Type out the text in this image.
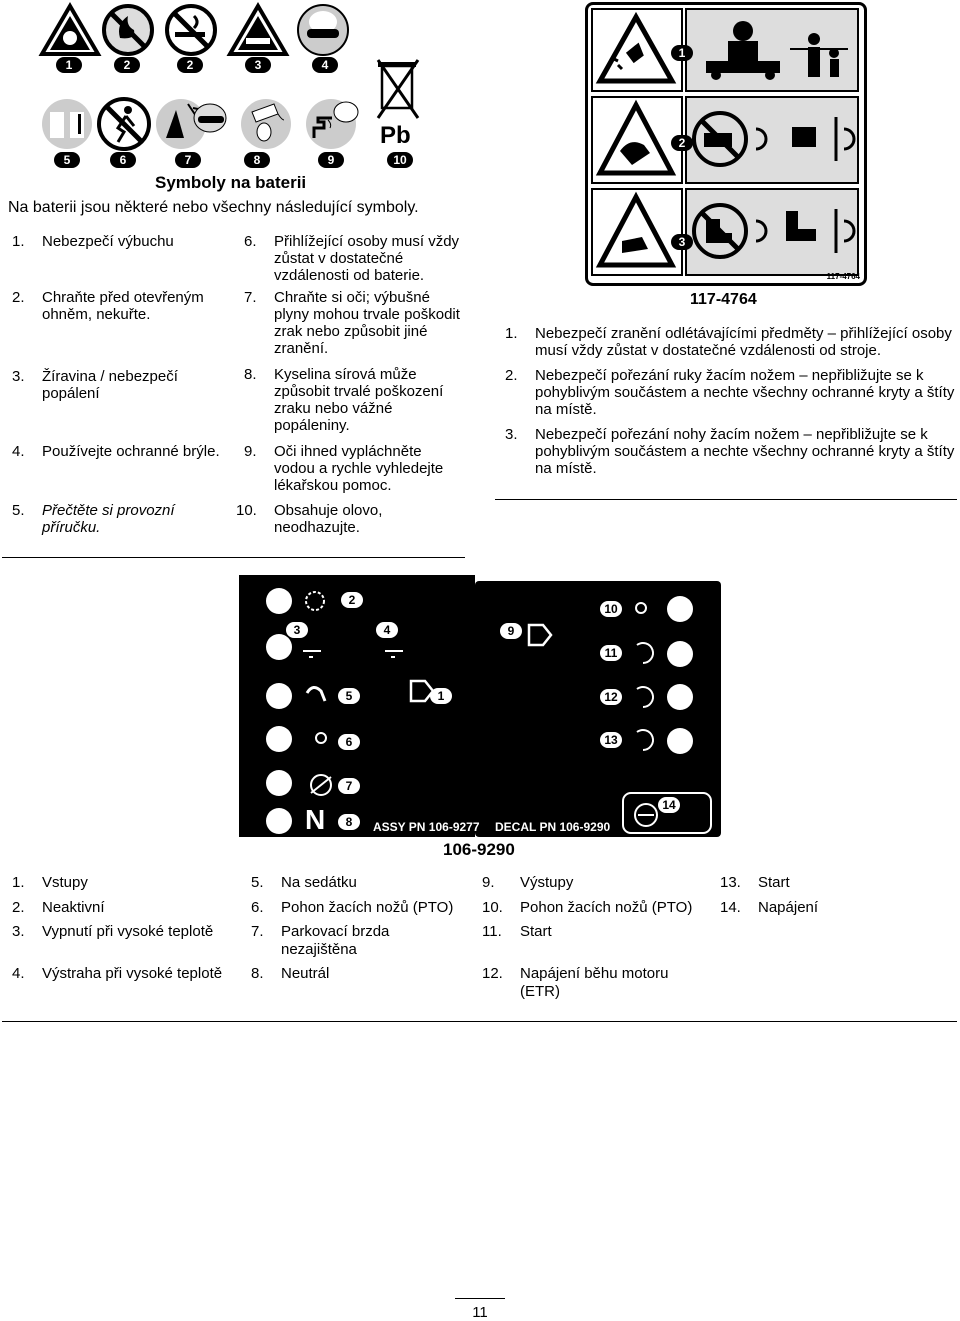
1	2	2	3	4
Pb
5	6	7	8	9	10
Symboly na baterii
Na baterii jsou některé nebo všechny následující symboly.
1. Nebezpečí výbuchu
2. Chraňte před otevřeným ohněm, nekuřte.
3. Žíravina / nebezpečí popálení
4. Používejte ochranné brýle.
5. Přečtěte si provozní příručku.
6. Přihlížející osoby musí vždy zůstat v dostatečné vzdálenosti od baterie.
7. Chraňte si oči; výbušné plyny mohou trvale poškodit zrak nebo způsobit jiné zranění.
8. Kyselina sírová může způsobit trvalé poškození zraku nebo vážné popáleniny.
9. Oči ihned vypláchněte vodou a rychle vyhledejte lékařskou pomoc.
10. Obsahuje olovo, neodhazujte.
1
2
3
117-4764
117-4764
1. Nebezpečí zranění odlétávajícími předměty – přihlížející osoby musí vždy zůstat v dostatečné vzdálenosti od stroje.
2. Nebezpečí pořezání ruky žacím nožem – nepřibližujte se k pohyblivým součástem a nechte všechny ochranné kryty a štíty na místě.
3. Nebezpečí pořezání nohy žacím nožem – nepřibližujte se k pohyblivým součástem a nechte všechny ochranné kryty a štíty na místě.
N	ASSY PN 106-9277 DECAL PN 106-9290
1
2
3	4
5
6
7
8
9
10
11
12
13
14
106-9290
1. Vstupy
2. Neaktivní
3. Vypnutí při vysoké teplotě
4. Výstraha při vysoké teplotě
5. Na sedátku
6. Pohon žacích nožů (PTO)
7. Parkovací brzda nezajištěna
8. Neutrál
9. Výstupy
10. Pohon žacích nožů (PTO)
11. Start
12. Napájení běhu motoru (ETR)
13. Start
14. Napájení
11
